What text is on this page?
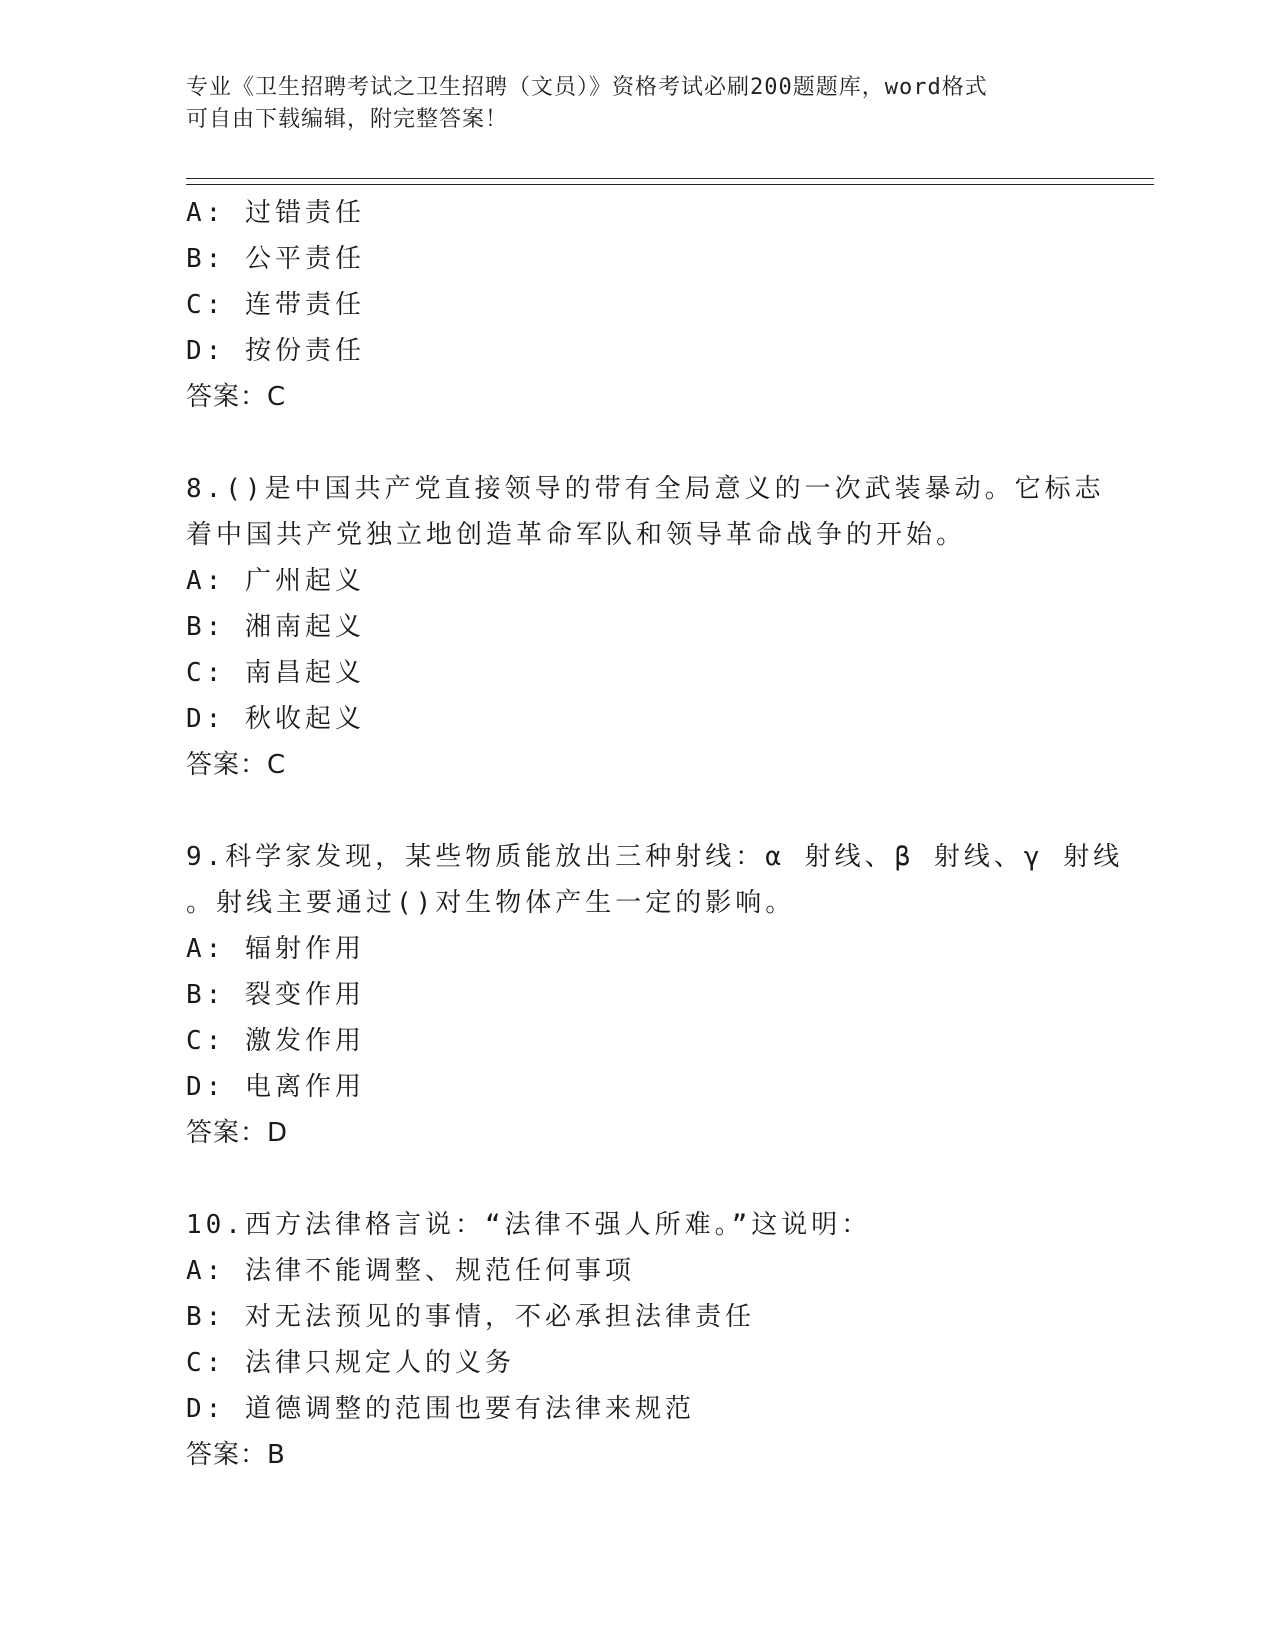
专业《卫生招聘考试之卫生招聘（文员）》资格考试必刷200题题库，word格式
可自由下载编辑，附完整答案！
A: 过错责任
B: 公平责任
C: 连带责任
D: 按份责任
答案：C
8.()是中国共产党直接领导的带有全局意义的一次武装暴动。它标志
着中国共产党独立地创造革命军队和领导革命战争的开始。
A: 广州起义
B: 湘南起义
C: 南昌起义
D: 秋收起义
答案：C
9.科学家发现，某些物质能放出三种射线：α 射线、β 射线、γ 射线
。射线主要通过()对生物体产生一定的影响。
A: 辐射作用
B: 裂变作用
C: 激发作用
D: 电离作用
答案：D
10.西方法律格言说：“法律不强人所难。”这说明：
A: 法律不能调整、规范任何事项
B: 对无法预见的事情，不必承担法律责任
C: 法律只规定人的义务
D: 道德调整的范围也要有法律来规范
答案：B
